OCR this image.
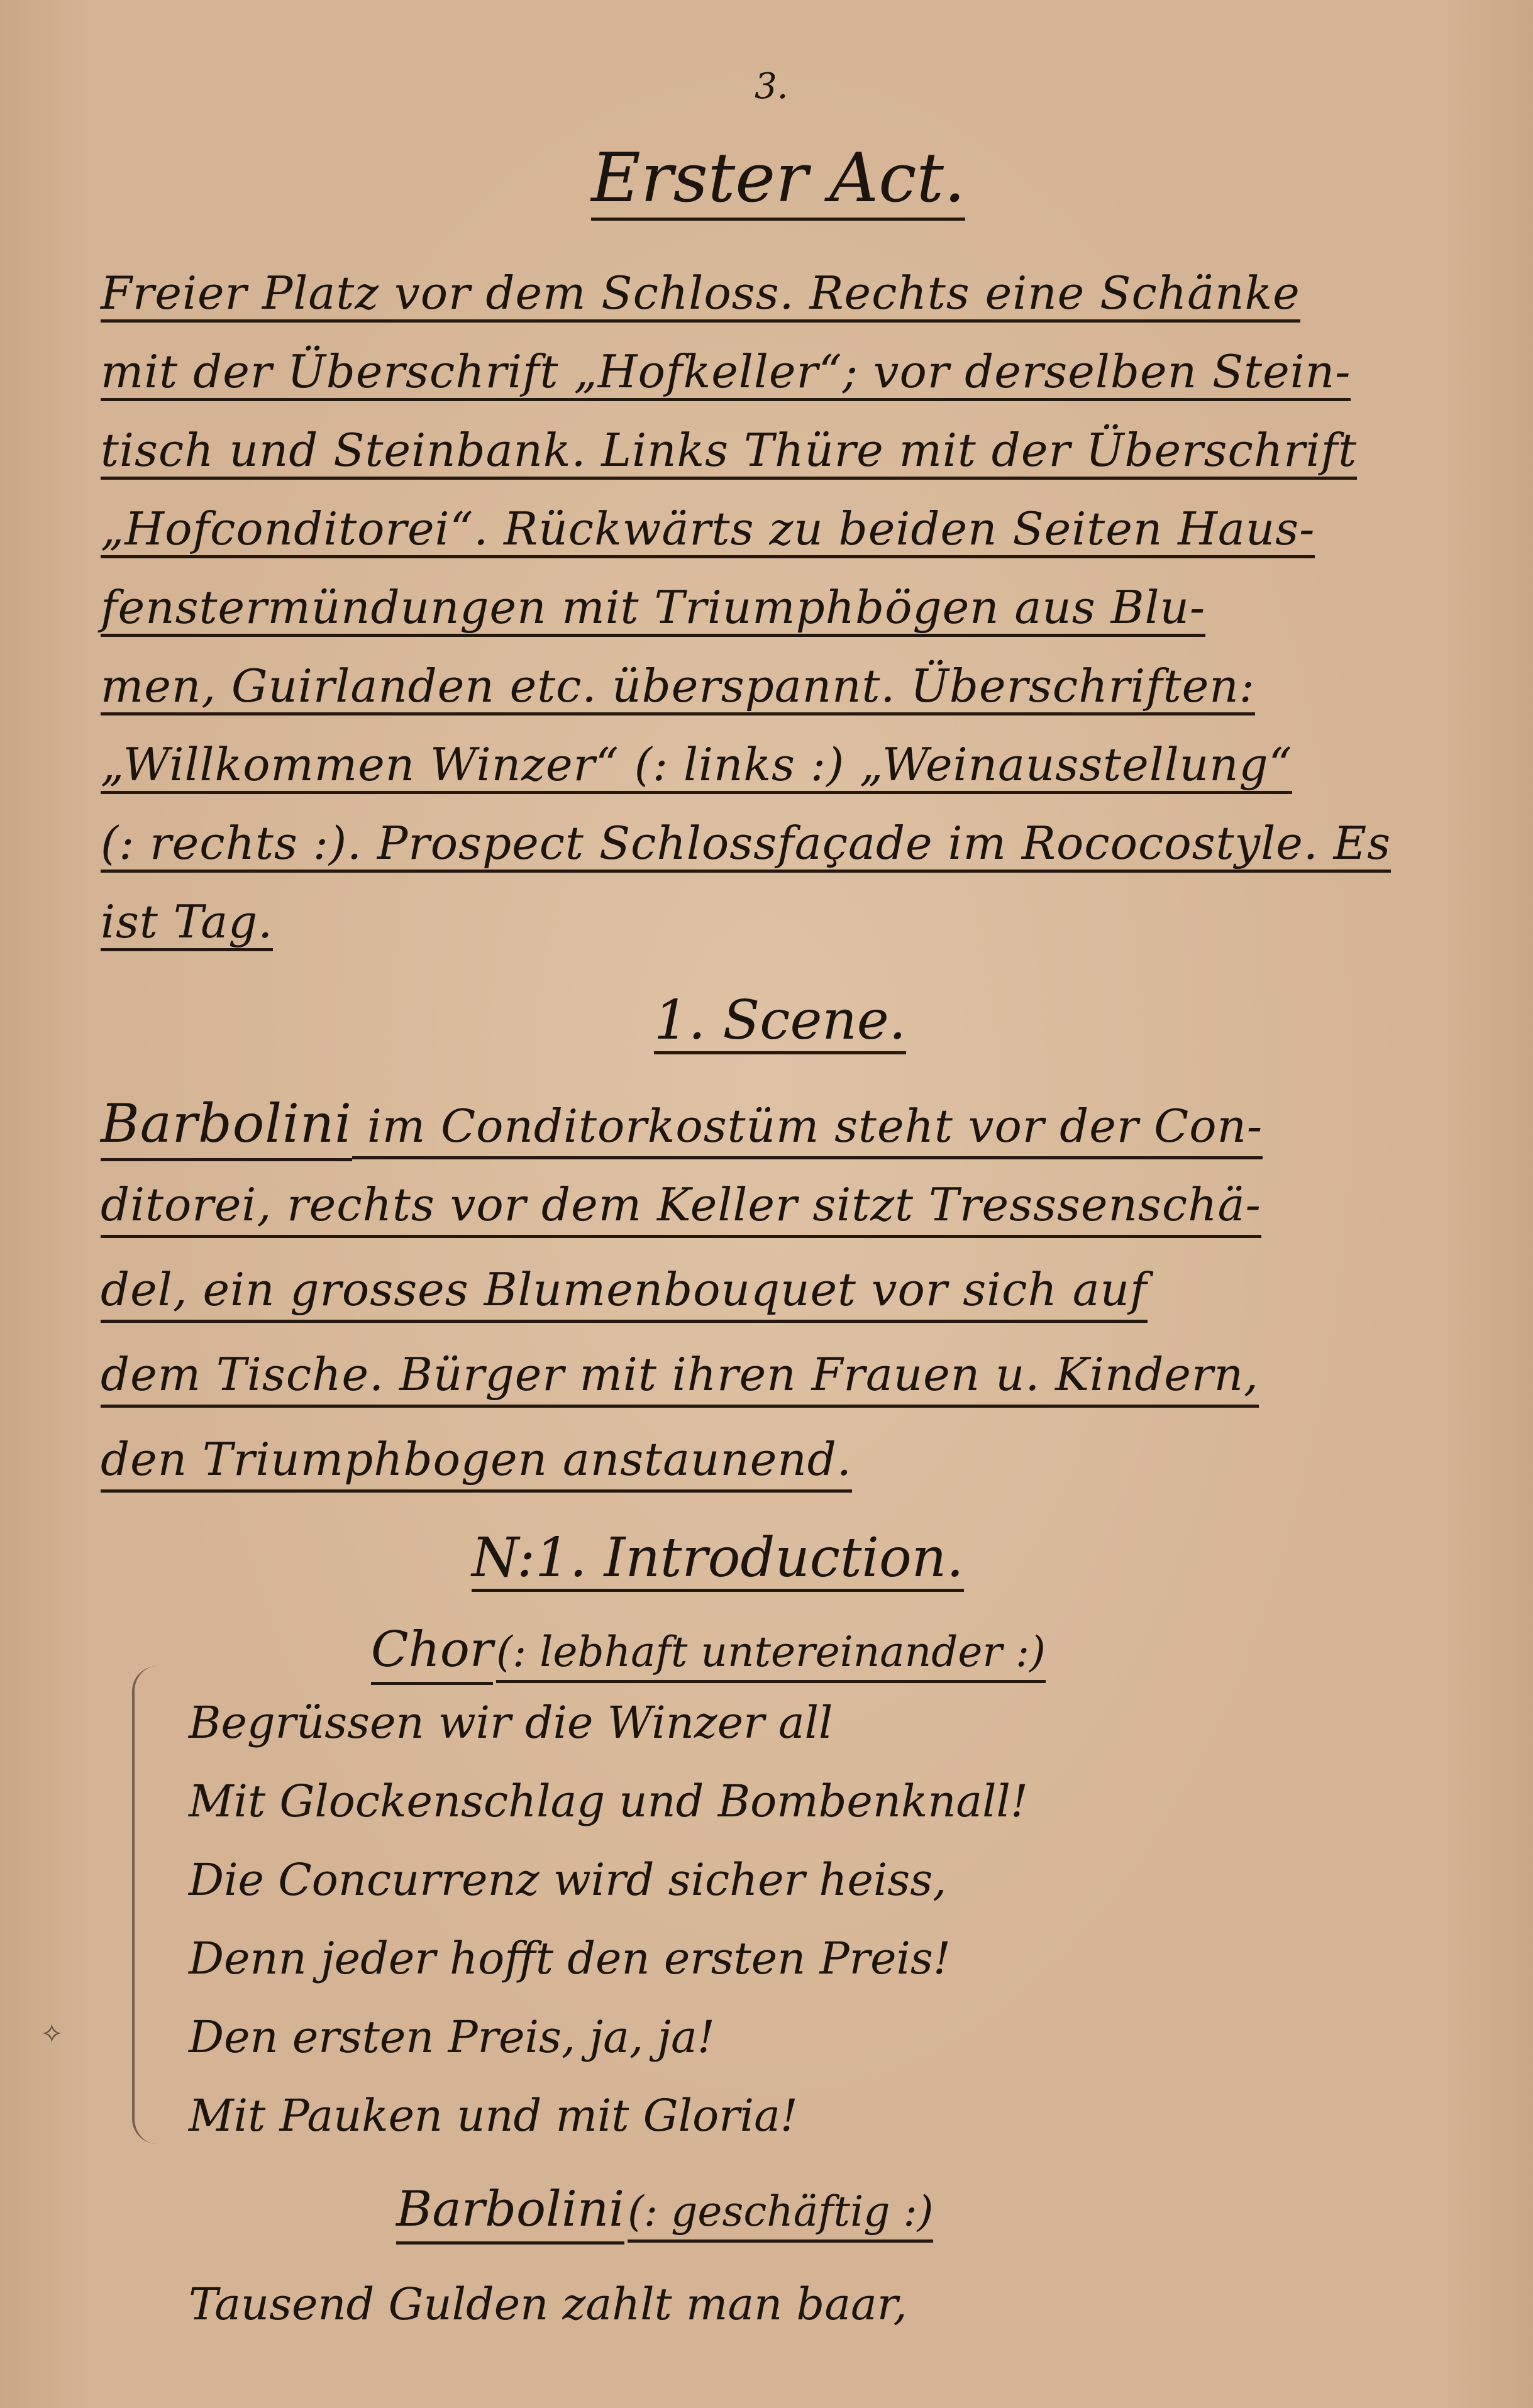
3.
Erster Act.
Freier Platz vor dem Schloss. Rechts eine Schänke
mit der Überschrift „Hofkeller“; vor derselben Stein-
tisch und Steinbank. Links Thüre mit der Überschrift
„Hofconditorei“. Rückwärts zu beiden Seiten Haus-
fenstermündungen mit Triumphbögen aus Blu-
men, Guirlanden etc. überspannt. Überschriften:
„Willkommen Winzer“ (: links :) „Weinausstellung“
(: rechts :). Prospect Schlossfaçade im Rococostyle. Es
ist Tag.
1. Scene.
Barbolini im Conditorkostüm steht vor der Con-
ditorei, rechts vor dem Keller sitzt Tresssenschä-
del, ein grosses Blumenbouquet vor sich auf
dem Tische. Bürger mit ihren Frauen u. Kindern,
den Triumphbogen anstaunend.
N:1. Introduction.
Chor (: lebhaft untereinander :)
Begrüssen wir die Winzer all
Mit Glockenschlag und Bombenknall!
Die Concurrenz wird sicher heiss,
Denn jeder hofft den ersten Preis!
Den ersten Preis, ja, ja!
Mit Pauken und mit Gloria!
Barbolini (: geschäftig :)
Tausend Gulden zahlt man baar,
✧
